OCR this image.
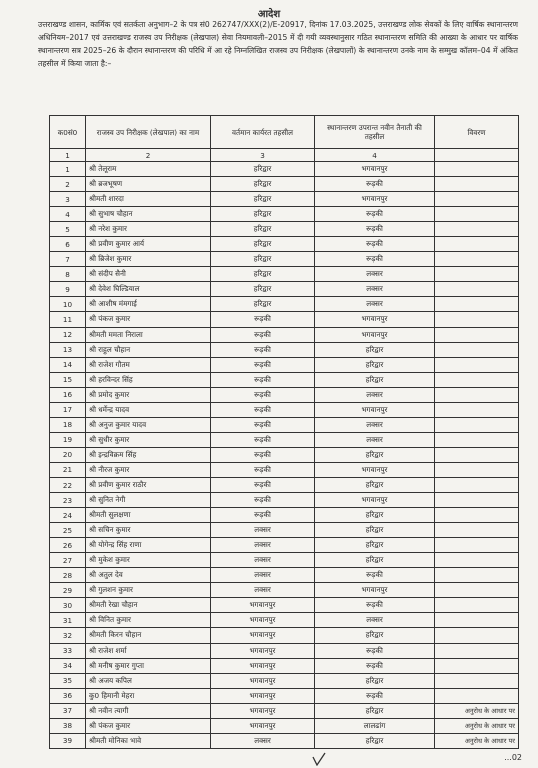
आदेश
उत्तराखण्ड शासन, कार्मिक एवं सतर्कता अनुभाग–2 के पत्र सं0 262747/XXX(2)/E-20917, दिनांक 17.03.2025, उत्तराखण्ड लोक सेवकों के लिए वार्षिक स्थानान्तरण अधिनियम–2017 एवं उत्तराखण्ड राजस्व उप निरीक्षक (लेखपाल) सेवा नियमावली–2015 में दी गयी व्यवस्थानुसार गठित स्थानान्तरण समिति की आख्या के आधार पर वार्षिक स्थानान्तरण सत्र 2025–26 के दौरान स्थानान्तरण की परिधि में आ रहे निम्नलिखित राजस्व उप निरीक्षक (लेखपालों) के स्थानान्तरण उनके नाम के सम्मुख कॉलम–04 में अंकित तहसील में किया जाता है:–
क0सं0	राजस्व उप निरीक्षक (लेखपाल) का नाम	वर्तमान कार्यरत तहसील	स्थानान्तरण उपरान्त नवीन तैनाती की तहसील	विवरण
1	2	3	4	
1	श्री तेलूराम	हरिद्वार	भगवानपुर	
2	श्री ब्रजभूषण	हरिद्वार	रूड़की	
3	श्रीमती शारदा	हरिद्वार	भगवानपुर	
4	श्री सुभाष चौहान	हरिद्वार	रूड़की	
5	श्री नरेश कुमार	हरिद्वार	रूड़की	
6	श्री प्रवीण कुमार आर्य	हरिद्वार	रूड़की	
7	श्री ब्रिजेश कुमार	हरिद्वार	रूड़की	
8	श्री संदीप सैनी	हरिद्वार	लक्सर	
9	श्री देवेश घिल्डियाल	हरिद्वार	लक्सर	
10	श्री आशीष मंमगाई	हरिद्वार	लक्सर	
11	श्री पंकज कुमार	रूड़की	भगवानपुर	
12	श्रीमती ममता निराला	रूड़की	भगवानपुर	
13	श्री राहुल चौहान	रूड़की	हरिद्वार	
14	श्री राजेश गौतम	रूड़की	हरिद्वार	
15	श्री हरविन्दर सिंह	रूड़की	हरिद्वार	
16	श्री प्रमोद कुमार	रूड़की	लक्सर	
17	श्री धर्मेन्द्र यादव	रूड़की	भगवानपुर	
18	श्री अनुज कुमार यादव	रूड़की	लक्सर	
19	श्री सुधीर कुमार	रूड़की	लक्सर	
20	श्री इन्द्रविक्रम सिंह	रूड़की	हरिद्वार	
21	श्री नीरज कुमार	रूड़की	भगवानपुर	
22	श्री प्रवीण कुमार राठौर	रूड़की	हरिद्वार	
23	श्री सुनित नेगी	रूड़की	भगवानपुर	
24	श्रीमती सुलक्षणा	रूड़की	हरिद्वार	
25	श्री सचिन कुमार	लक्सर	हरिद्वार	
26	श्री योगेन्द्र सिंह राणा	लक्सर	हरिद्वार	
27	श्री मुकेश कुमार	लक्सर	हरिद्वार	
28	श्री अतुल देव	लक्सर	रूड़की	
29	श्री गुलशन कुमार	लक्सर	भगवानपुर	
30	श्रीमती रेखा चौहान	भगवानपुर	रूड़की	
31	श्री विनित कुमार	भगवानपुर	लक्सर	
32	श्रीमती किरन चौहान	भगवानपुर	हरिद्वार	
33	श्री राजेश शर्मा	भगवानपुर	रूड़की	
34	श्री मनीष कुमार गुप्ता	भगवानपुर	रूड़की	
35	श्री अजय कपिल	भगवानपुर	हरिद्वार	
36	कु0 हिमानी मेहरा	भगवानपुर	रूड़की	
37	श्री नवीन त्यागी	भगवानपुर	हरिद्वार	अनुरोध के आधार पर
38	श्री पंकज कुमार	भगवानपुर	लालढांग	अनुरोध के आधार पर
39	श्रीमती मोनिका भावे	लक्सर	हरिद्वार	अनुरोध के आधार पर
...02
